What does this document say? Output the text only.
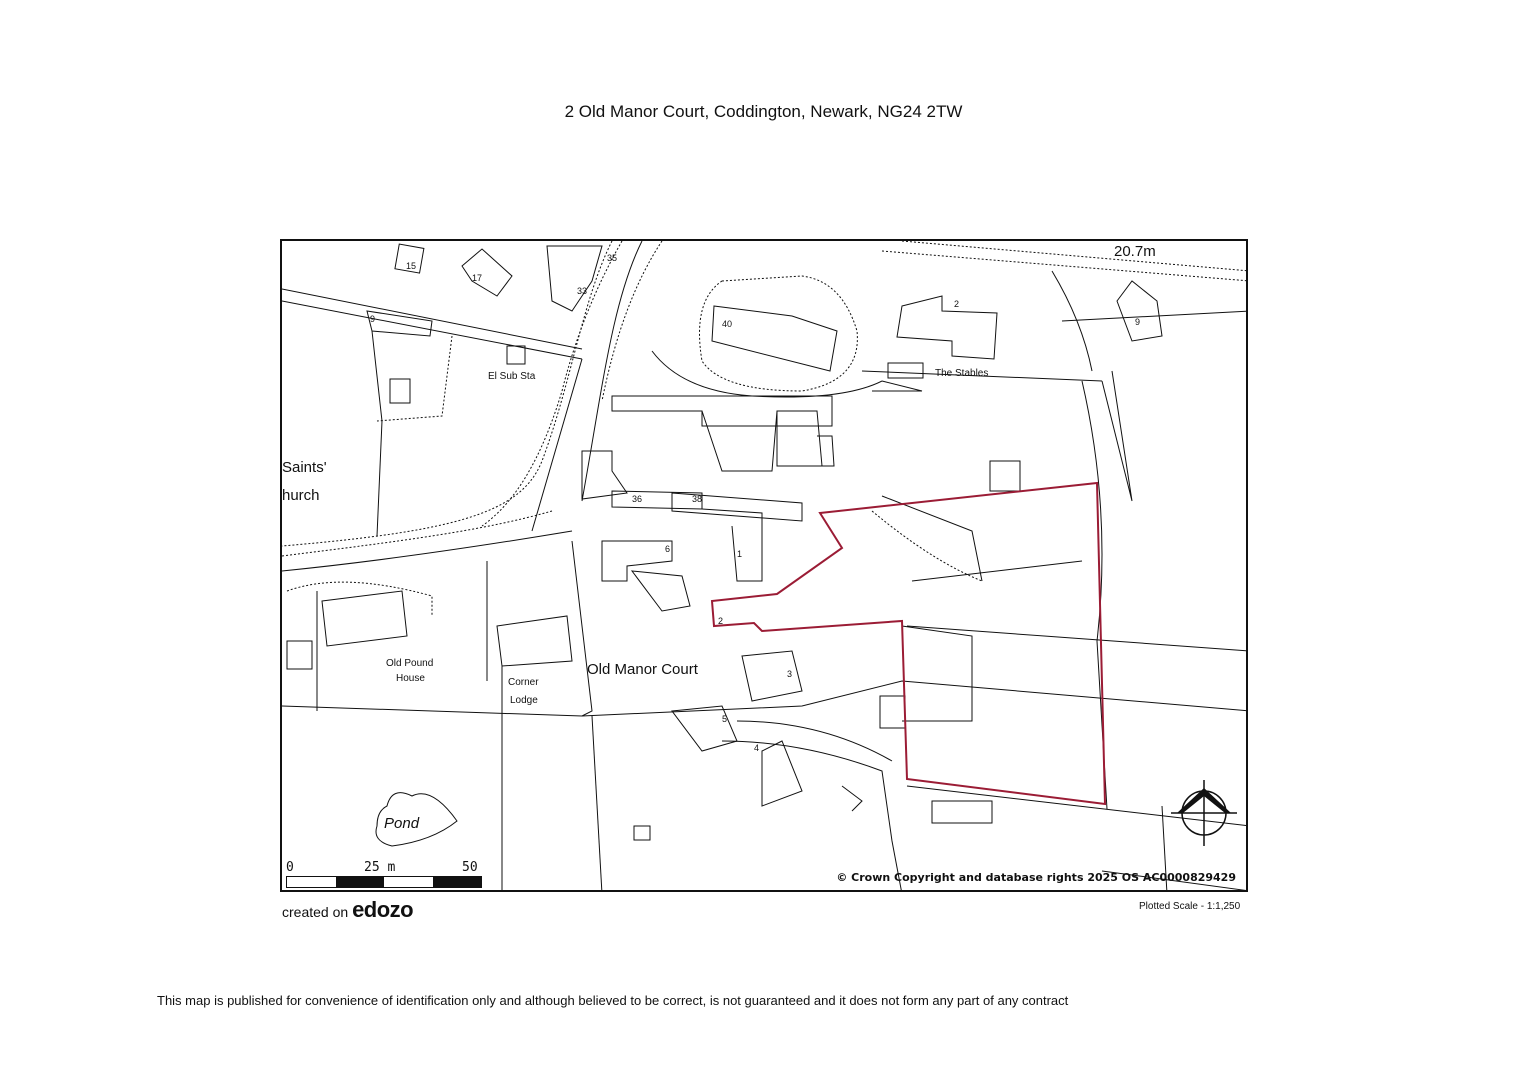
2 Old Manor Court, Coddington, Newark, NG24 2TW
20.7m
El Sub Sta	The Stables
Saints'
hurch
Old Pound
House	Corner
Lodge
Old Manor Court
Pond
15
17
35
33
9	40
2
9
36	38
1
6
2
3
5
4
0	25 m	50
© Crown Copyright and database rights 2025 OS AC0000829429
created on edozo	Plotted Scale - 1:1,250
This map is published for convenience of identification only and although believed to be correct, is not guaranteed and it does not form any part of any contract
